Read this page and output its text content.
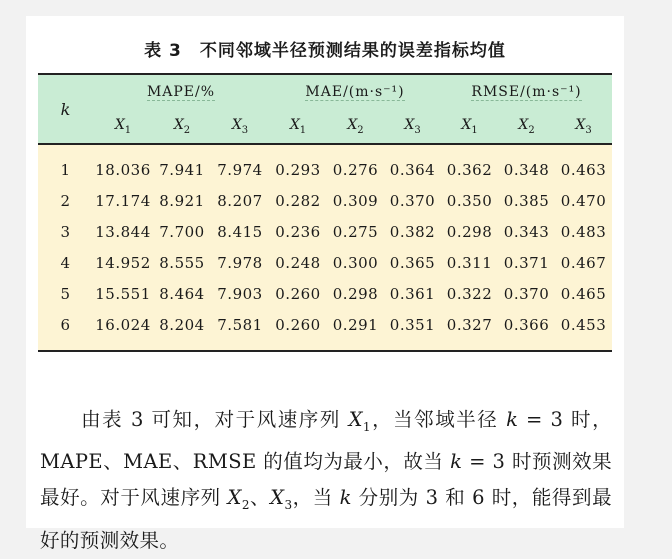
表 3 不同邻域半径预测结果的误差指标均值
k	MAPE/%			MAE/(m·s⁻¹)			RMSE/(m·s⁻¹)		
	$X_1$	$X_2$	$X_3$	$X_1$	$X_2$	$X_3$	$X_1$	$X_2$	$X_3$
1	18.036	7.941	7.974	0.293	0.276	0.364	0.362	0.348	0.463
2	17.174	8.921	8.207	0.282	0.309	0.370	0.350	0.385	0.470
3	13.844	7.700	8.415	0.236	0.275	0.382	0.298	0.343	0.483
4	14.952	8.555	7.978	0.248	0.300	0.365	0.311	0.371	0.467
5	15.551	8.464	7.903	0.260	0.298	0.361	0.322	0.370	0.465
6	16.024	8.204	7.581	0.260	0.291	0.351	0.327	0.366	0.453

由表 3 可知，对于风速序列 $X_1$，当邻域半径 k = 3 时，MAPE、MAE、RMSE 的值均为最小，故当 k = 3 时预测效果最好。对于风速序列 $X_2$、$X_3$，当 k 分别为 3 和 6 时，能得到最好的预测效果。
